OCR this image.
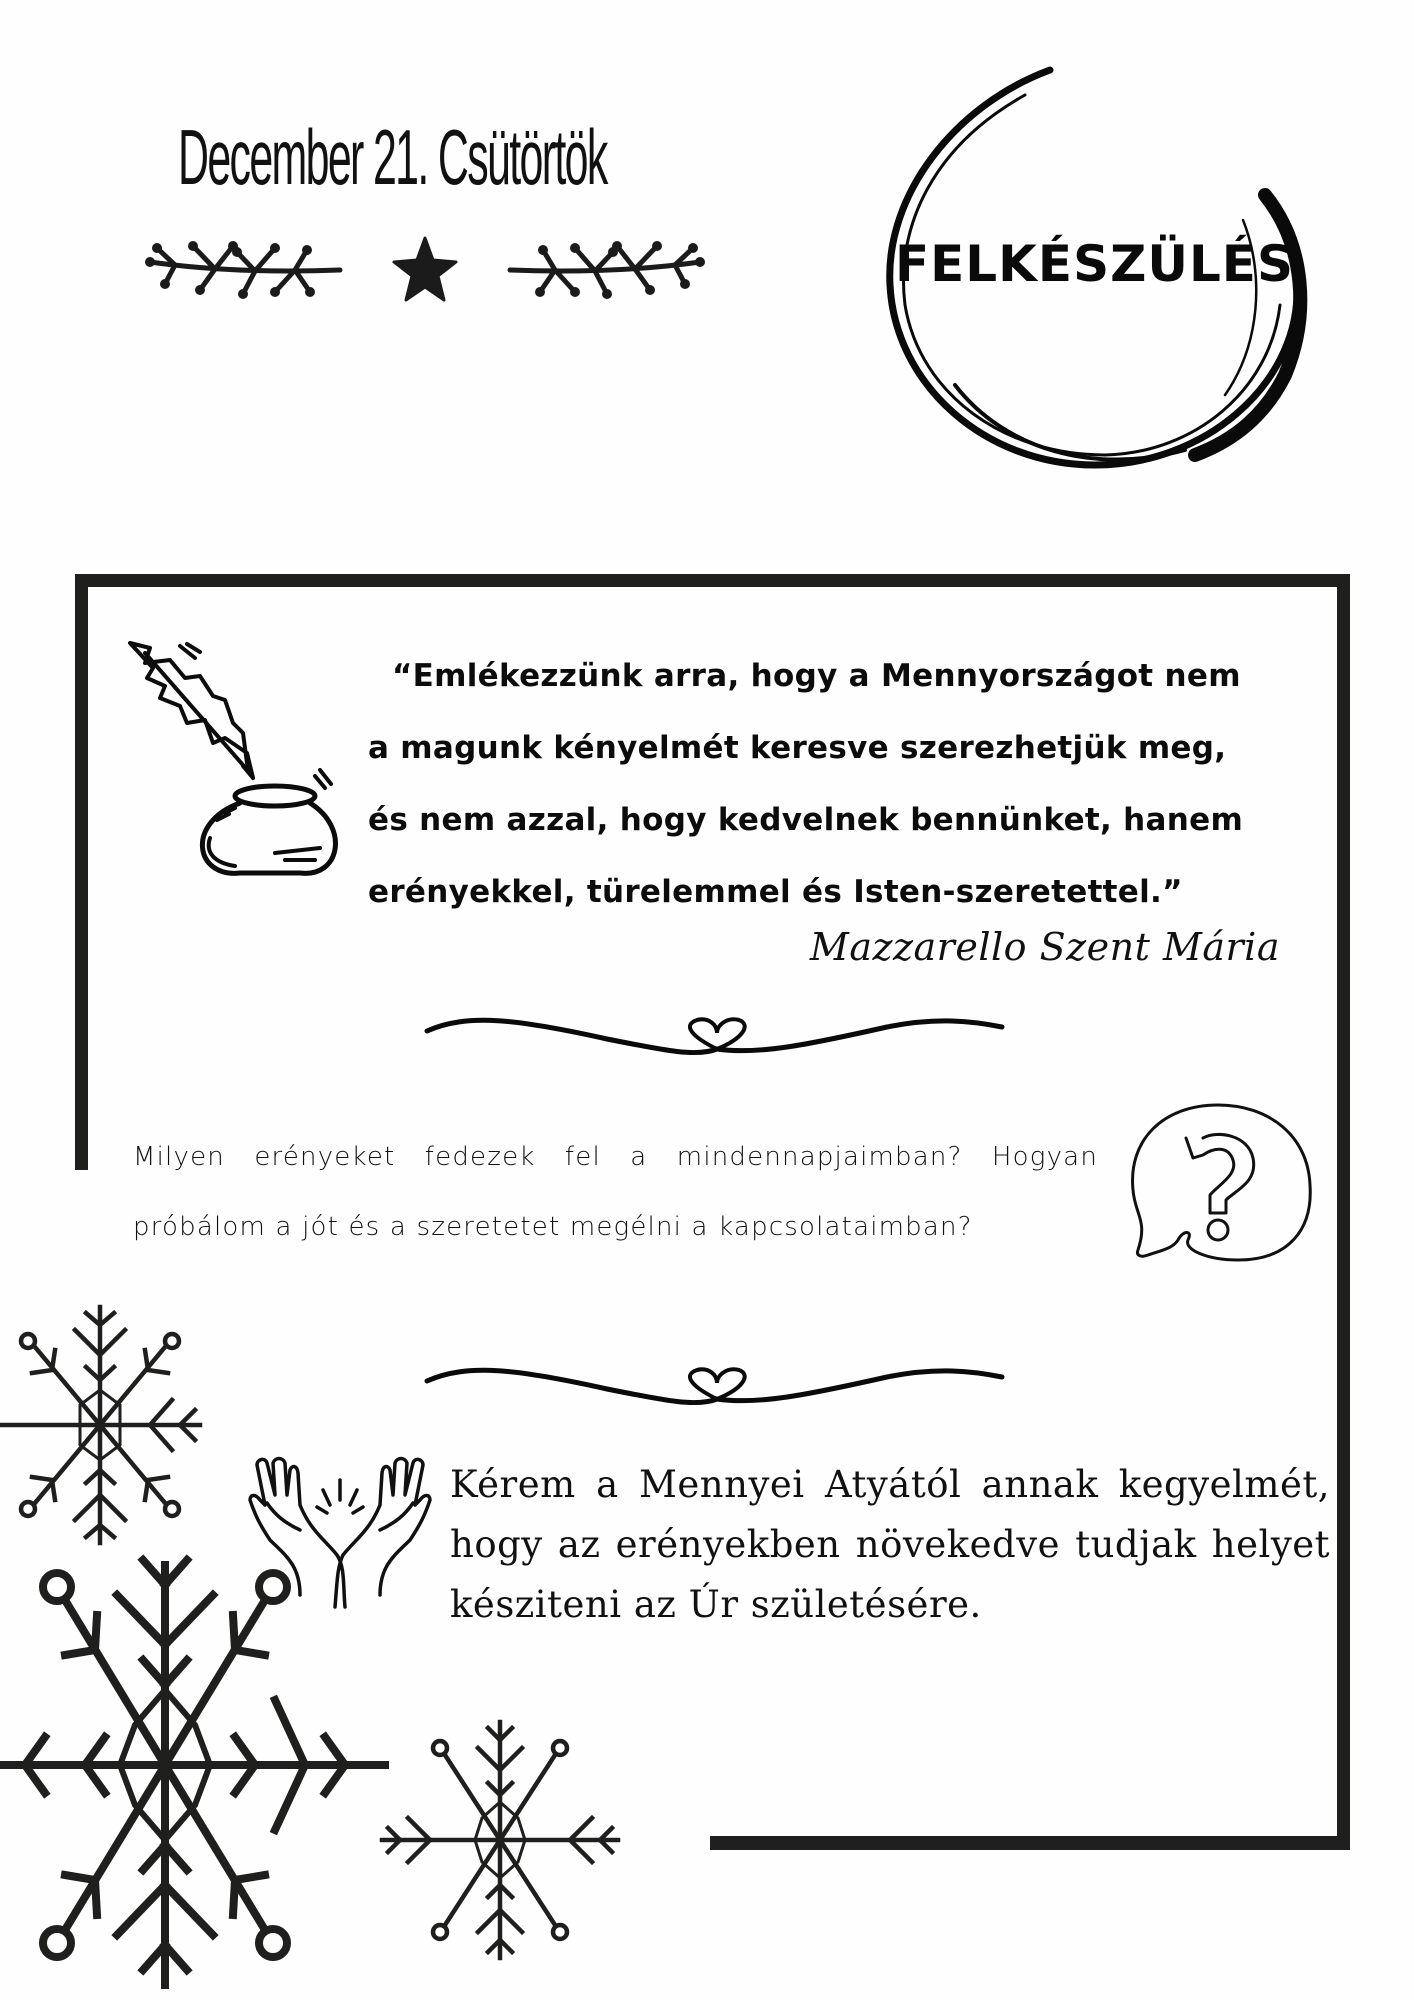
December 21. Csütörtök
FELKÉSZÜLÉS
“Emlékezzünk arra, hogy a Mennyországot nem
a magunk kényelmét keresve szerezhetjük meg,
és nem azzal, hogy kedvelnek bennünket, hanem
erényekkel, türelemmel és Isten-szeretettel.”
Mazzarello Szent Mária
Milyen erényeket fedezek fel a mindennapjaimban? Hogyan próbálom a jót és a szeretetet megélni a kapcsolataimban?
Kérem a Mennyei Atyától annak kegyelmét, hogy az erényekben növekedve tudjak helyet késziteni az Úr születésére.
